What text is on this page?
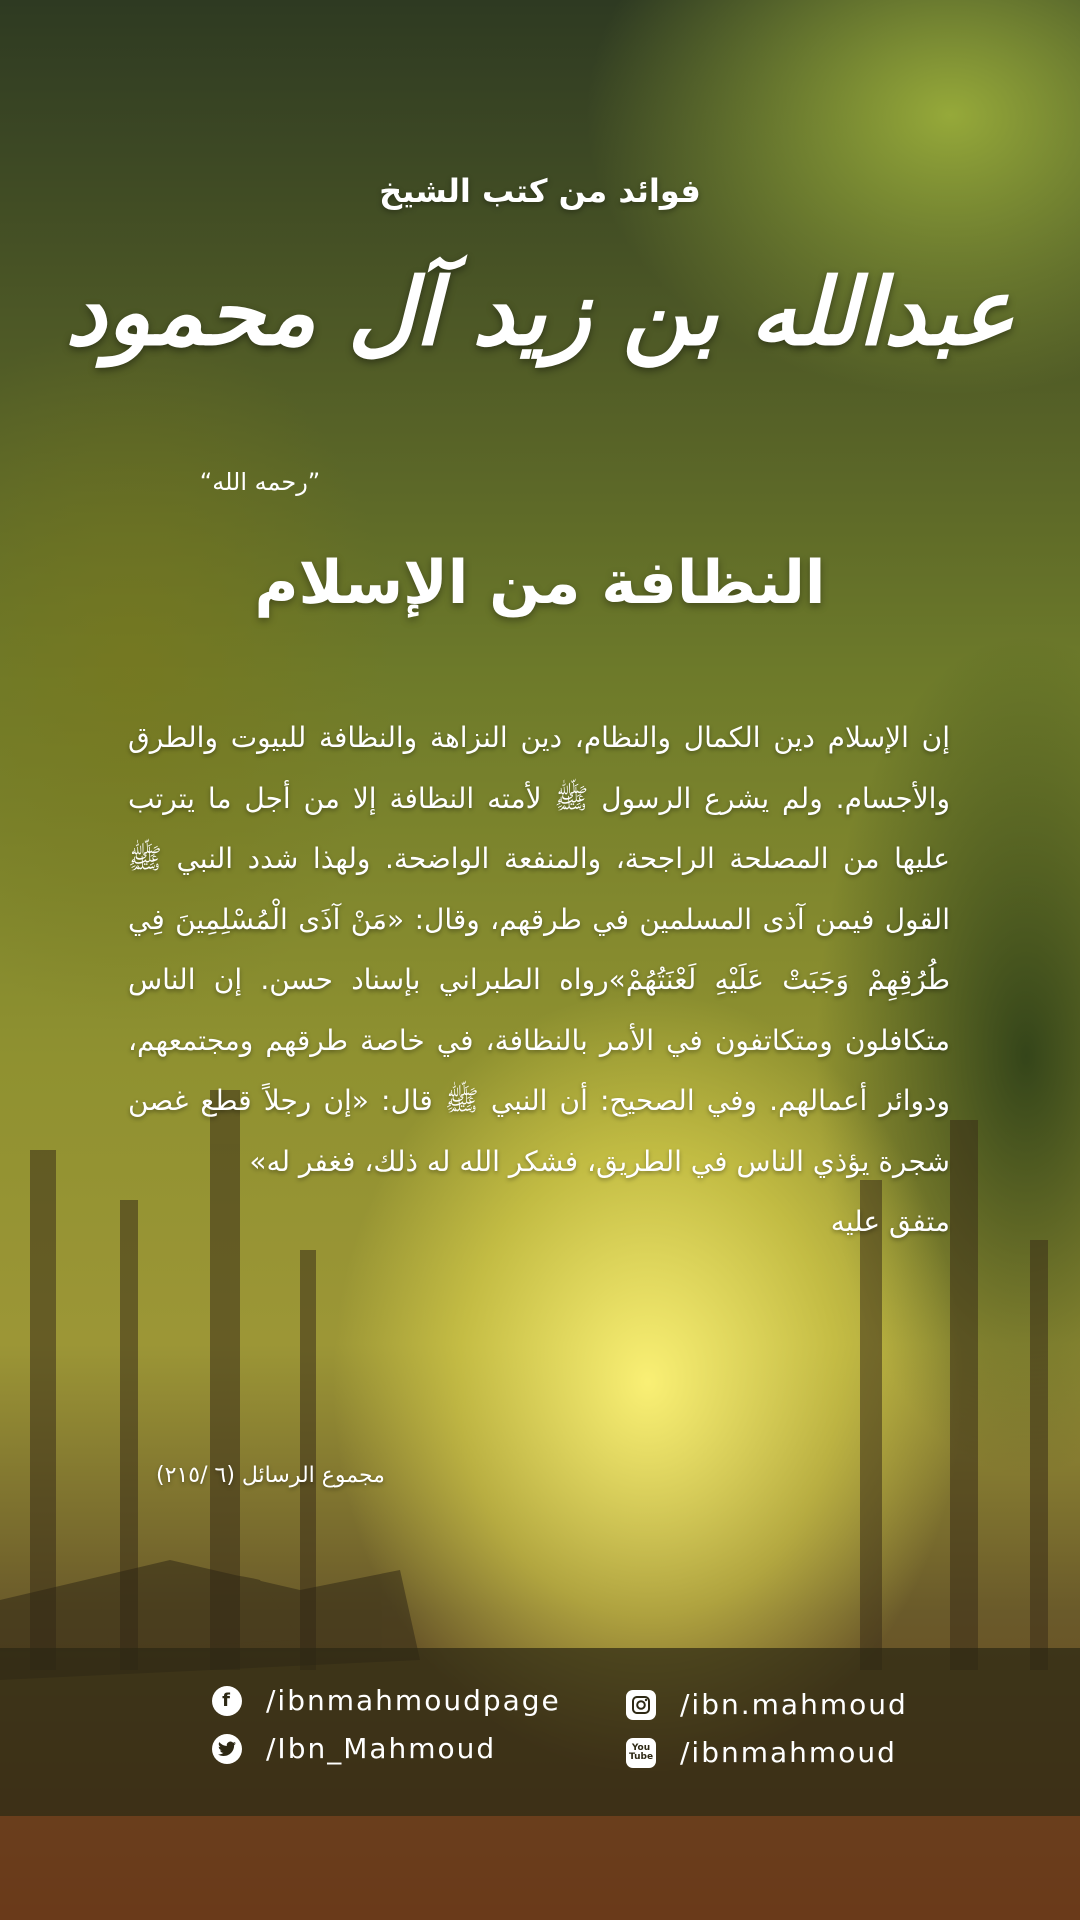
فوائد من كتب الشيخ
عبدالله بن زيد آل محمود
”رحمه الله“
النظافة من الإسلام
إن الإسلام دين الكمال والنظام، دين النزاهة والنظافة للبيوت والطرق والأجسام. ولم يشرع الرسول ﷺ لأمته النظافة إلا من أجل ما يترتب عليها من المصلحة الراجحة، والمنفعة الواضحة. ولهذا شدد النبي ﷺ القول فيمن آذى المسلمين في طرقهم، وقال: «مَنْ آذَى الْمُسْلِمِينَ فِي طُرُقِهِمْ وَجَبَتْ عَلَيْهِ لَعْنَتُهُمْ»رواه الطبراني بإسناد حسن. إن الناس متكافلون ومتكاتفون في الأمر بالنظافة، في خاصة طرقهم ومجتمعهم، ودوائر أعمالهم. وفي الصحيح: أن النبي ﷺ قال: «إن رجلاً قطع غصن شجرة يؤذي الناس في الطريق، فشكر الله له ذلك، فغفر له»
متفق عليه
مجموع الرسائل (٦ /٢١٥)
f	/ibnmahmoudpage
/Ibn_Mahmoud
/ibn.mahmoud
You Tube /ibnmahmoud
